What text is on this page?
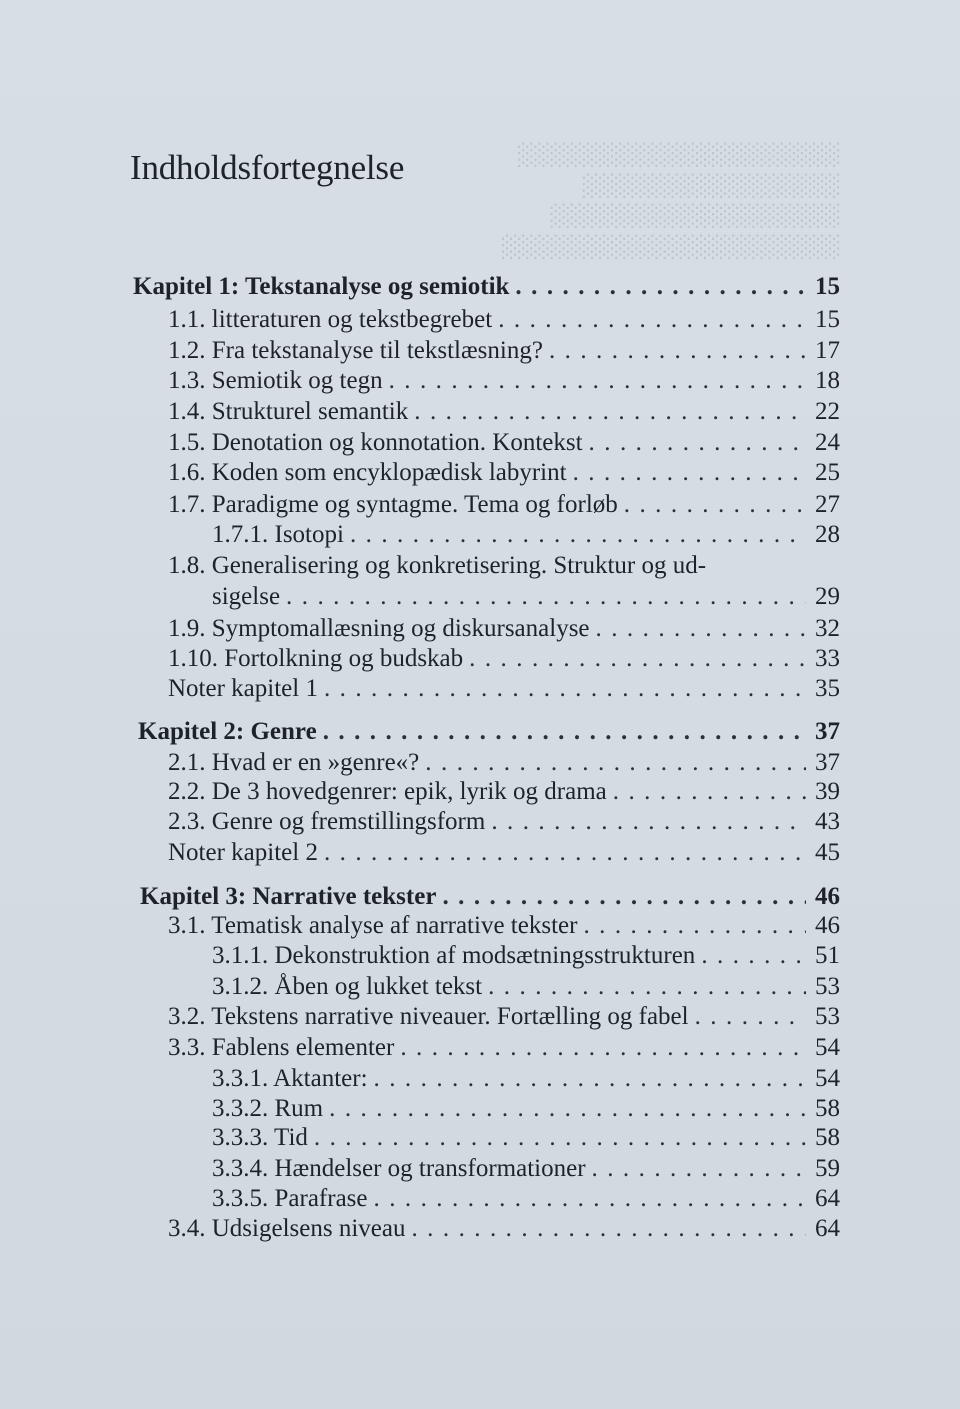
░░░░░░░░░░░░░░░░░░░░
░░░░░░░░░░░░░░░░
░░░░░░░░░░░░░░░░░░
░░░░░░░░░░░░░░░░░░░░░
Indholdsfortegnelse
Kapitel 1: Tekstanalyse og semiotik . . .	15
1.1. litteraturen og tekstbegrebet . . .	15
1.2. Fra tekstanalyse til tekstlæsning? . . .	17
1.3. Semiotik og tegn . . .	18
1.4. Strukturel semantik . . .	22
1.5. Denotation og konnotation. Kontekst . . .	24
1.6. Koden som encyklopædisk labyrint . . .	25
1.7. Paradigme og syntagme. Tema og forløb . . .	27
1.7.1. Isotopi . . .	28
1.8. Generalisering og konkretisering. Struktur og ud-
sigelse . . .	29
1.9. Symptomallæsning og diskursanalyse . . .	32
1.10. Fortolkning og budskab . . .	33
Noter kapitel 1 . . .	35
Kapitel 2: Genre . . .	37
2.1. Hvad er en »genre«? . . .	37
2.2. De 3 hovedgenrer: epik, lyrik og drama . . .	39
2.3. Genre og fremstillingsform . . .	43
Noter kapitel 2 . . .	45
Kapitel 3: Narrative tekster . . .	46
3.1. Tematisk analyse af narrative tekster . . .	46
3.1.1. Dekonstruktion af modsætningsstrukturen . . .	51
3.1.2. Åben og lukket tekst . . .	53
3.2. Tekstens narrative niveauer. Fortælling og fabel . . .	53
3.3. Fablens elementer . . .	54
3.3.1. Aktanter: . . .	54
3.3.2. Rum . . .	58
3.3.3. Tid . . .	58
3.3.4. Hændelser og transformationer . . .	59
3.3.5. Parafrase . . .	64
3.4. Udsigelsens niveau . . .	64
